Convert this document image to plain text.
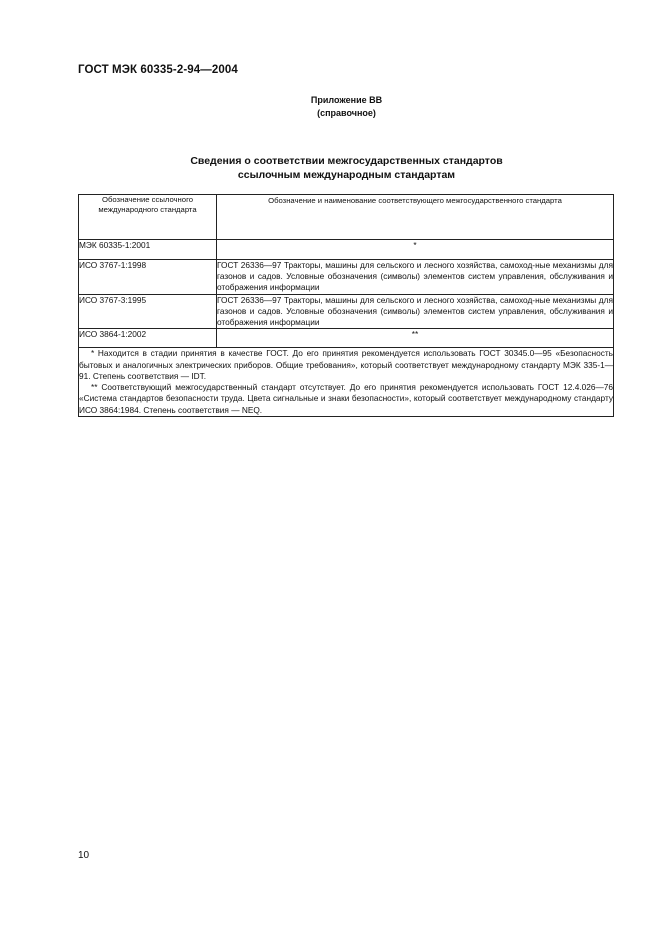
ГОСТ МЭК 60335-2-94—2004
Приложение ВВ
(справочное)
Сведения о соответствии межгосударственных стандартов
ссылочным международным стандартам
Обозначение ссылочного международного стандарта	Обозначение и наименование соответствующего межгосударственного стандарта
МЭК 60335-1:2001	*
ИСО 3767-1:1998	ГОСТ 26336—97 Тракторы, машины для сельского и лесного хозяйства, самоход-ные механизмы для газонов и садов. Условные обозначения (символы) элементов систем управления, обслуживания и отображения информации
ИСО 3767-3:1995	ГОСТ 26336—97 Тракторы, машины для сельского и лесного хозяйства, самоход-ные механизмы для газонов и садов. Условные обозначения (символы) элементов систем управления, обслуживания и отображения информации
ИСО 3864-1:2002	**

* Находится в стадии принятия в качестве ГОСТ. До его принятия рекомендуется использовать ГОСТ 30345.0—95 «Безопасность бытовых и аналогичных электрических приборов. Общие требования», который соответствует международному стандарту МЭК 335-1—91. Степень соответствия — IDT.
** Соответствующий межгосударственный стандарт отсутствует. До его принятия рекомендуется использовать ГОСТ 12.4.026—76 «Система стандартов безопасности труда. Цвета сигнальные и знаки безопасности», который соответствует международному стандарту ИСО 3864:1984. Степень соответствия — NEQ.	
10
